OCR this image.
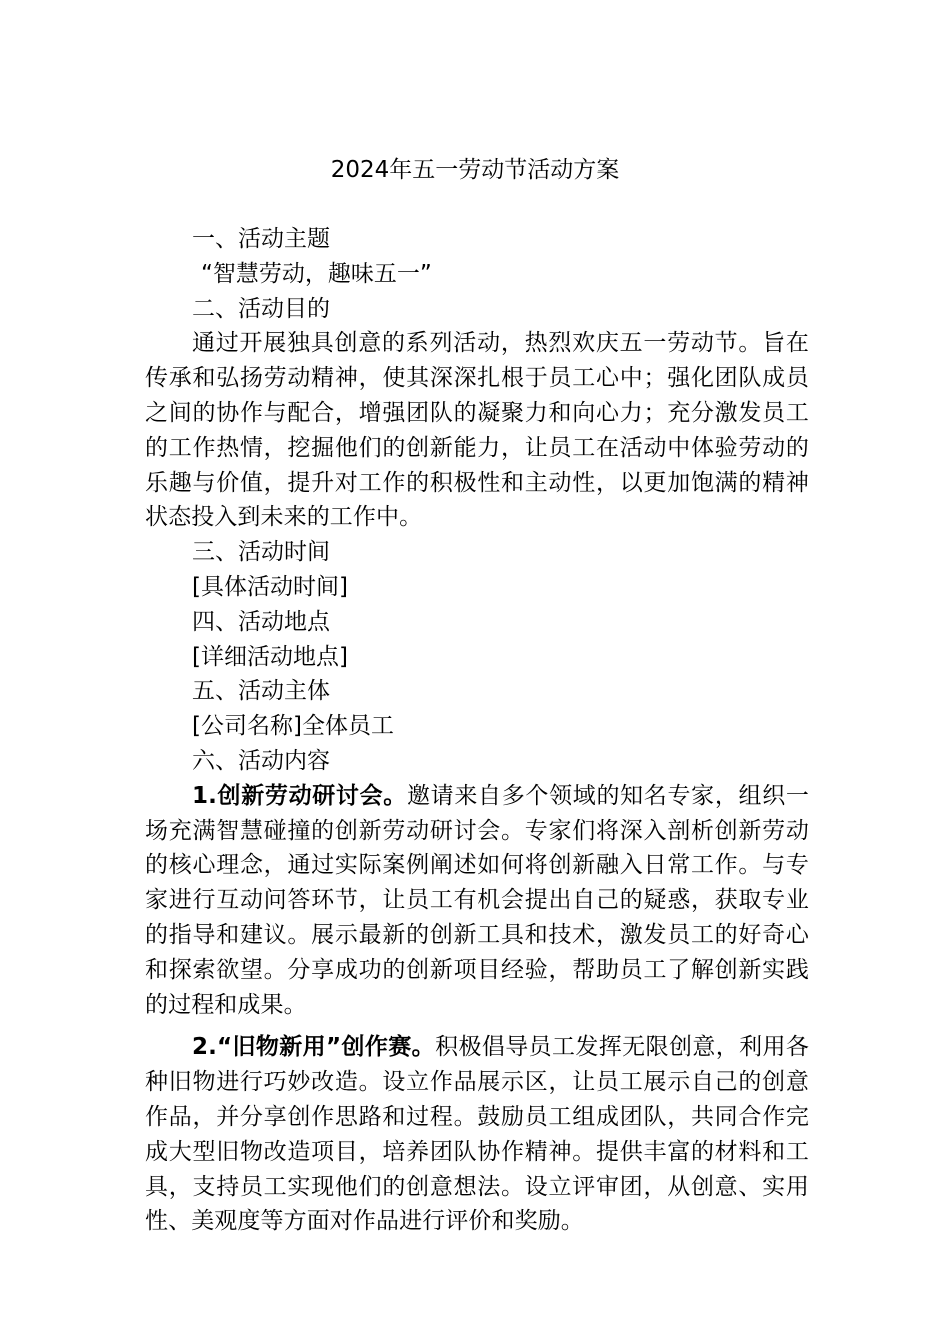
2024年五一劳动节活动方案

一、活动主题

“智慧劳动，趣味五一”

二、活动目的

通过开展独具创意的系列活动，热烈欢庆五一劳动节。旨在传承和弘扬劳动精神，使其深深扎根于员工心中；强化团队成员之间的协作与配合，增强团队的凝聚力和向心力；充分激发员工的工作热情，挖掘他们的创新能力，让员工在活动中体验劳动的乐趣与价值，提升对工作的积极性和主动性，以更加饱满的精神状态投入到未来的工作中。

三、活动时间

[具体活动时间]

四、活动地点

[详细活动地点]

五、活动主体

[公司名称]全体员工

六、活动内容

1.创新劳动研讨会。邀请来自多个领域的知名专家，组织一场充满智慧碰撞的创新劳动研讨会。专家们将深入剖析创新劳动的核心理念，通过实际案例阐述如何将创新融入日常工作。与专家进行互动问答环节，让员工有机会提出自己的疑惑，获取专业的指导和建议。展示最新的创新工具和技术，激发员工的好奇心和探索欲望。分享成功的创新项目经验，帮助员工了解创新实践的过程和成果。

2.“旧物新用”创作赛。积极倡导员工发挥无限创意，利用各种旧物进行巧妙改造。设立作品展示区，让员工展示自己的创意作品，并分享创作思路和过程。鼓励员工组成团队，共同合作完成大型旧物改造项目，培养团队协作精神。提供丰富的材料和工具，支持员工实现他们的创意想法。设立评审团，从创意、实用性、美观度等方面对作品进行评价和奖励。
